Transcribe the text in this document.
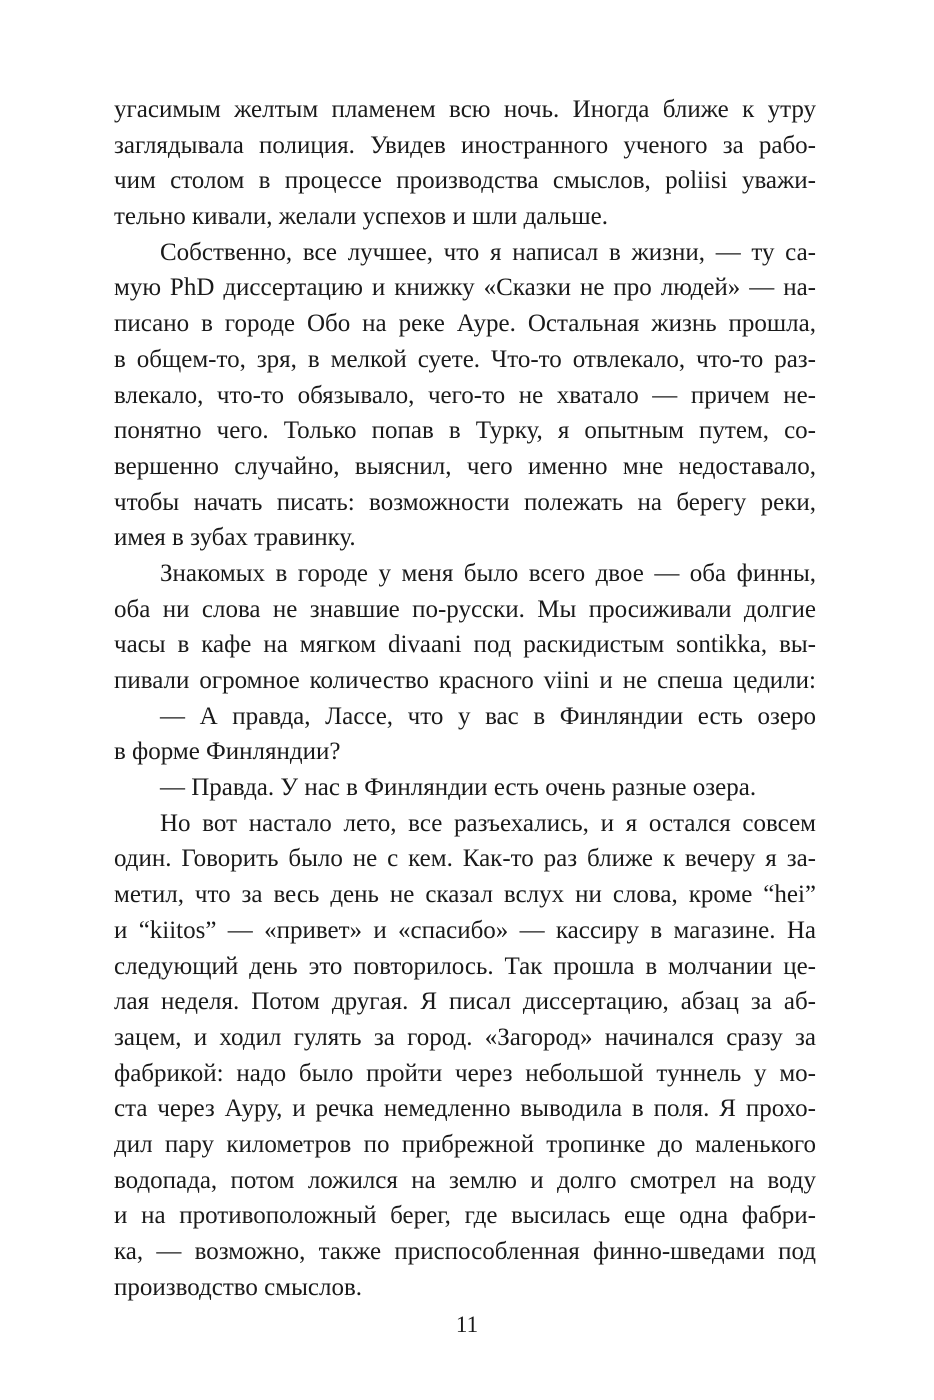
угасимым желтым пламенем всю ночь. Иногда ближе к утру
заглядывала полиция. Увидев иностранного ученого за рабо-
чим столом в процессе производства смыслов, poliisi уважи-
тельно кивали, желали успехов и шли дальше.
Собственно, все лучшее, что я написал в жизни, — ту са-
мую PhD диссертацию и книжку «Сказки не про людей» — на-
писано в городе Обо на реке Ауре. Остальная жизнь прошла,
в общем-то, зря, в мелкой суете. Что-то отвлекало, что-то раз-
влекало, что-то обязывало, чего-то не хватало — причем не-
понятно чего. Только попав в Турку, я опытным путем, со-
вершенно случайно, выяснил, чего именно мне недоставало,
чтобы начать писать: возможности полежать на берегу реки,
имея в зубах травинку.
Знакомых в городе у меня было всего двое — оба финны,
оба ни слова не знавшие по-русски. Мы просиживали долгие
часы в кафе на мягком divaani под раскидистым sontikka, вы-
пивали огромное количество красного viini и не спеша цедили:
— А правда, Лассе, что у вас в Финляндии есть озеро
в форме Финляндии?
— Правда. У нас в Финляндии есть очень разные озера.
Но вот настало лето, все разъехались, и я остался совсем
один. Говорить было не с кем. Как-то раз ближе к вечеру я за-
метил, что за весь день не сказал вслух ни слова, кроме “hei”
и “kiitos” — «привет» и «спасибо» — кассиру в магазине. На
следующий день это повторилось. Так прошла в молчании це-
лая неделя. Потом другая. Я писал диссертацию, абзац за аб-
зацем, и ходил гулять за город. «Загород» начинался сразу за
фабрикой: надо было пройти через небольшой туннель у мо-
ста через Ауру, и речка немедленно выводила в поля. Я прохо-
дил пару километров по прибрежной тропинке до маленького
водопада, потом ложился на землю и долго смотрел на воду
и на противоположный берег, где высилась еще одна фабри-
ка, — возможно, также приспособленная финно-шведами под
производство смыслов.
11
